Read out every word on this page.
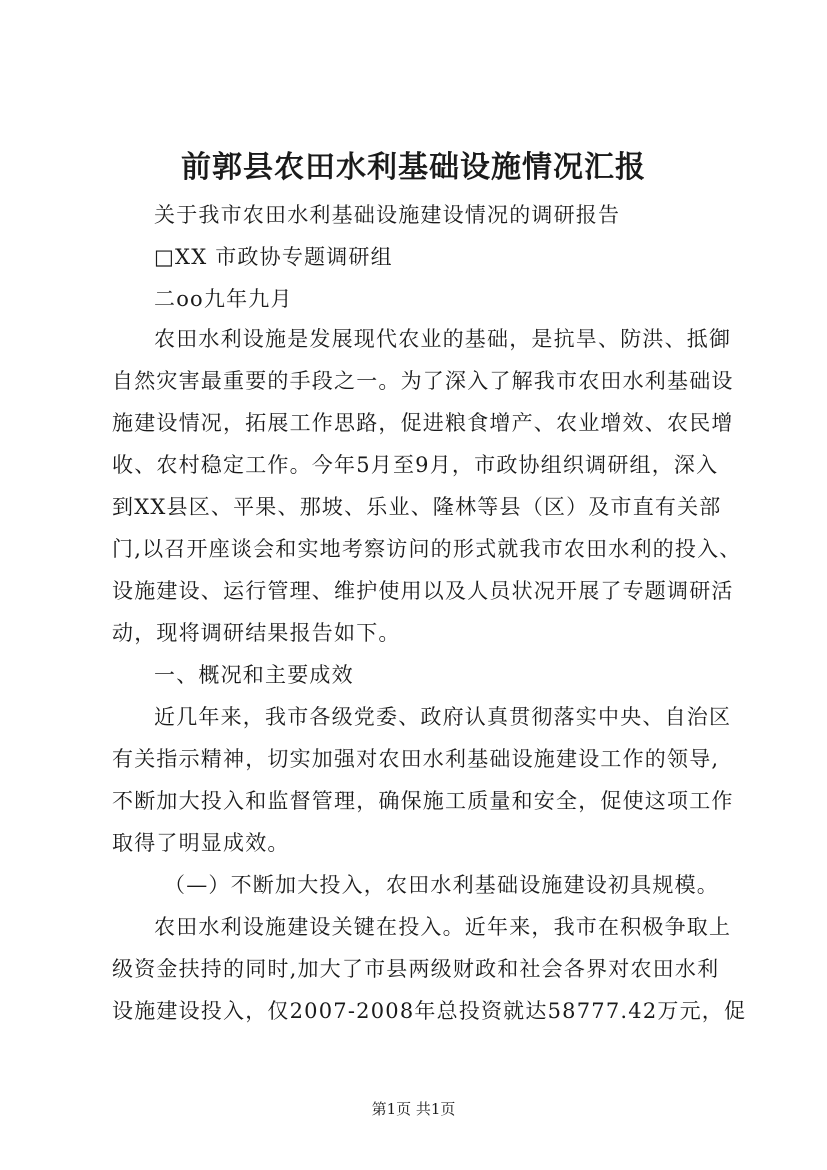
前郭县农田水利基础设施情况汇报
关于我市农田水利基础设施建设情况的调研报告
□XX 市政协专题调研组
二oo九年九月
农田水利设施是发展现代农业的基础，是抗旱、防洪、抵御
自然灾害最重要的手段之一。为了深入了解我市农田水利基础设
施建设情况，拓展工作思路，促进粮食增产、农业增效、农民增
收、农村稳定工作。今年5月至9月，市政协组织调研组，深入
到XX县区、平果、那坡、乐业、隆林等县（区）及市直有关部
门,以召开座谈会和实地考察访问的形式就我市农田水利的投入、
设施建设、运行管理、维护使用以及人员状况开展了专题调研活
动，现将调研结果报告如下。
一、概况和主要成效
近几年来，我市各级党委、政府认真贯彻落实中央、自治区
有关指示精神，切实加强对农田水利基础设施建设工作的领导,
不断加大投入和监督管理，确保施工质量和安全，促使这项工作
取得了明显成效。
（—）不断加大投入，农田水利基础设施建设初具规模。
农田水利设施建设关键在投入。近年来，我市在积极争取上
级资金扶持的同时,加大了市县两级财政和社会各界对农田水利
设施建设投入，仅2007-2008年总投资就达58777.42万元，促
第1页 共1页
